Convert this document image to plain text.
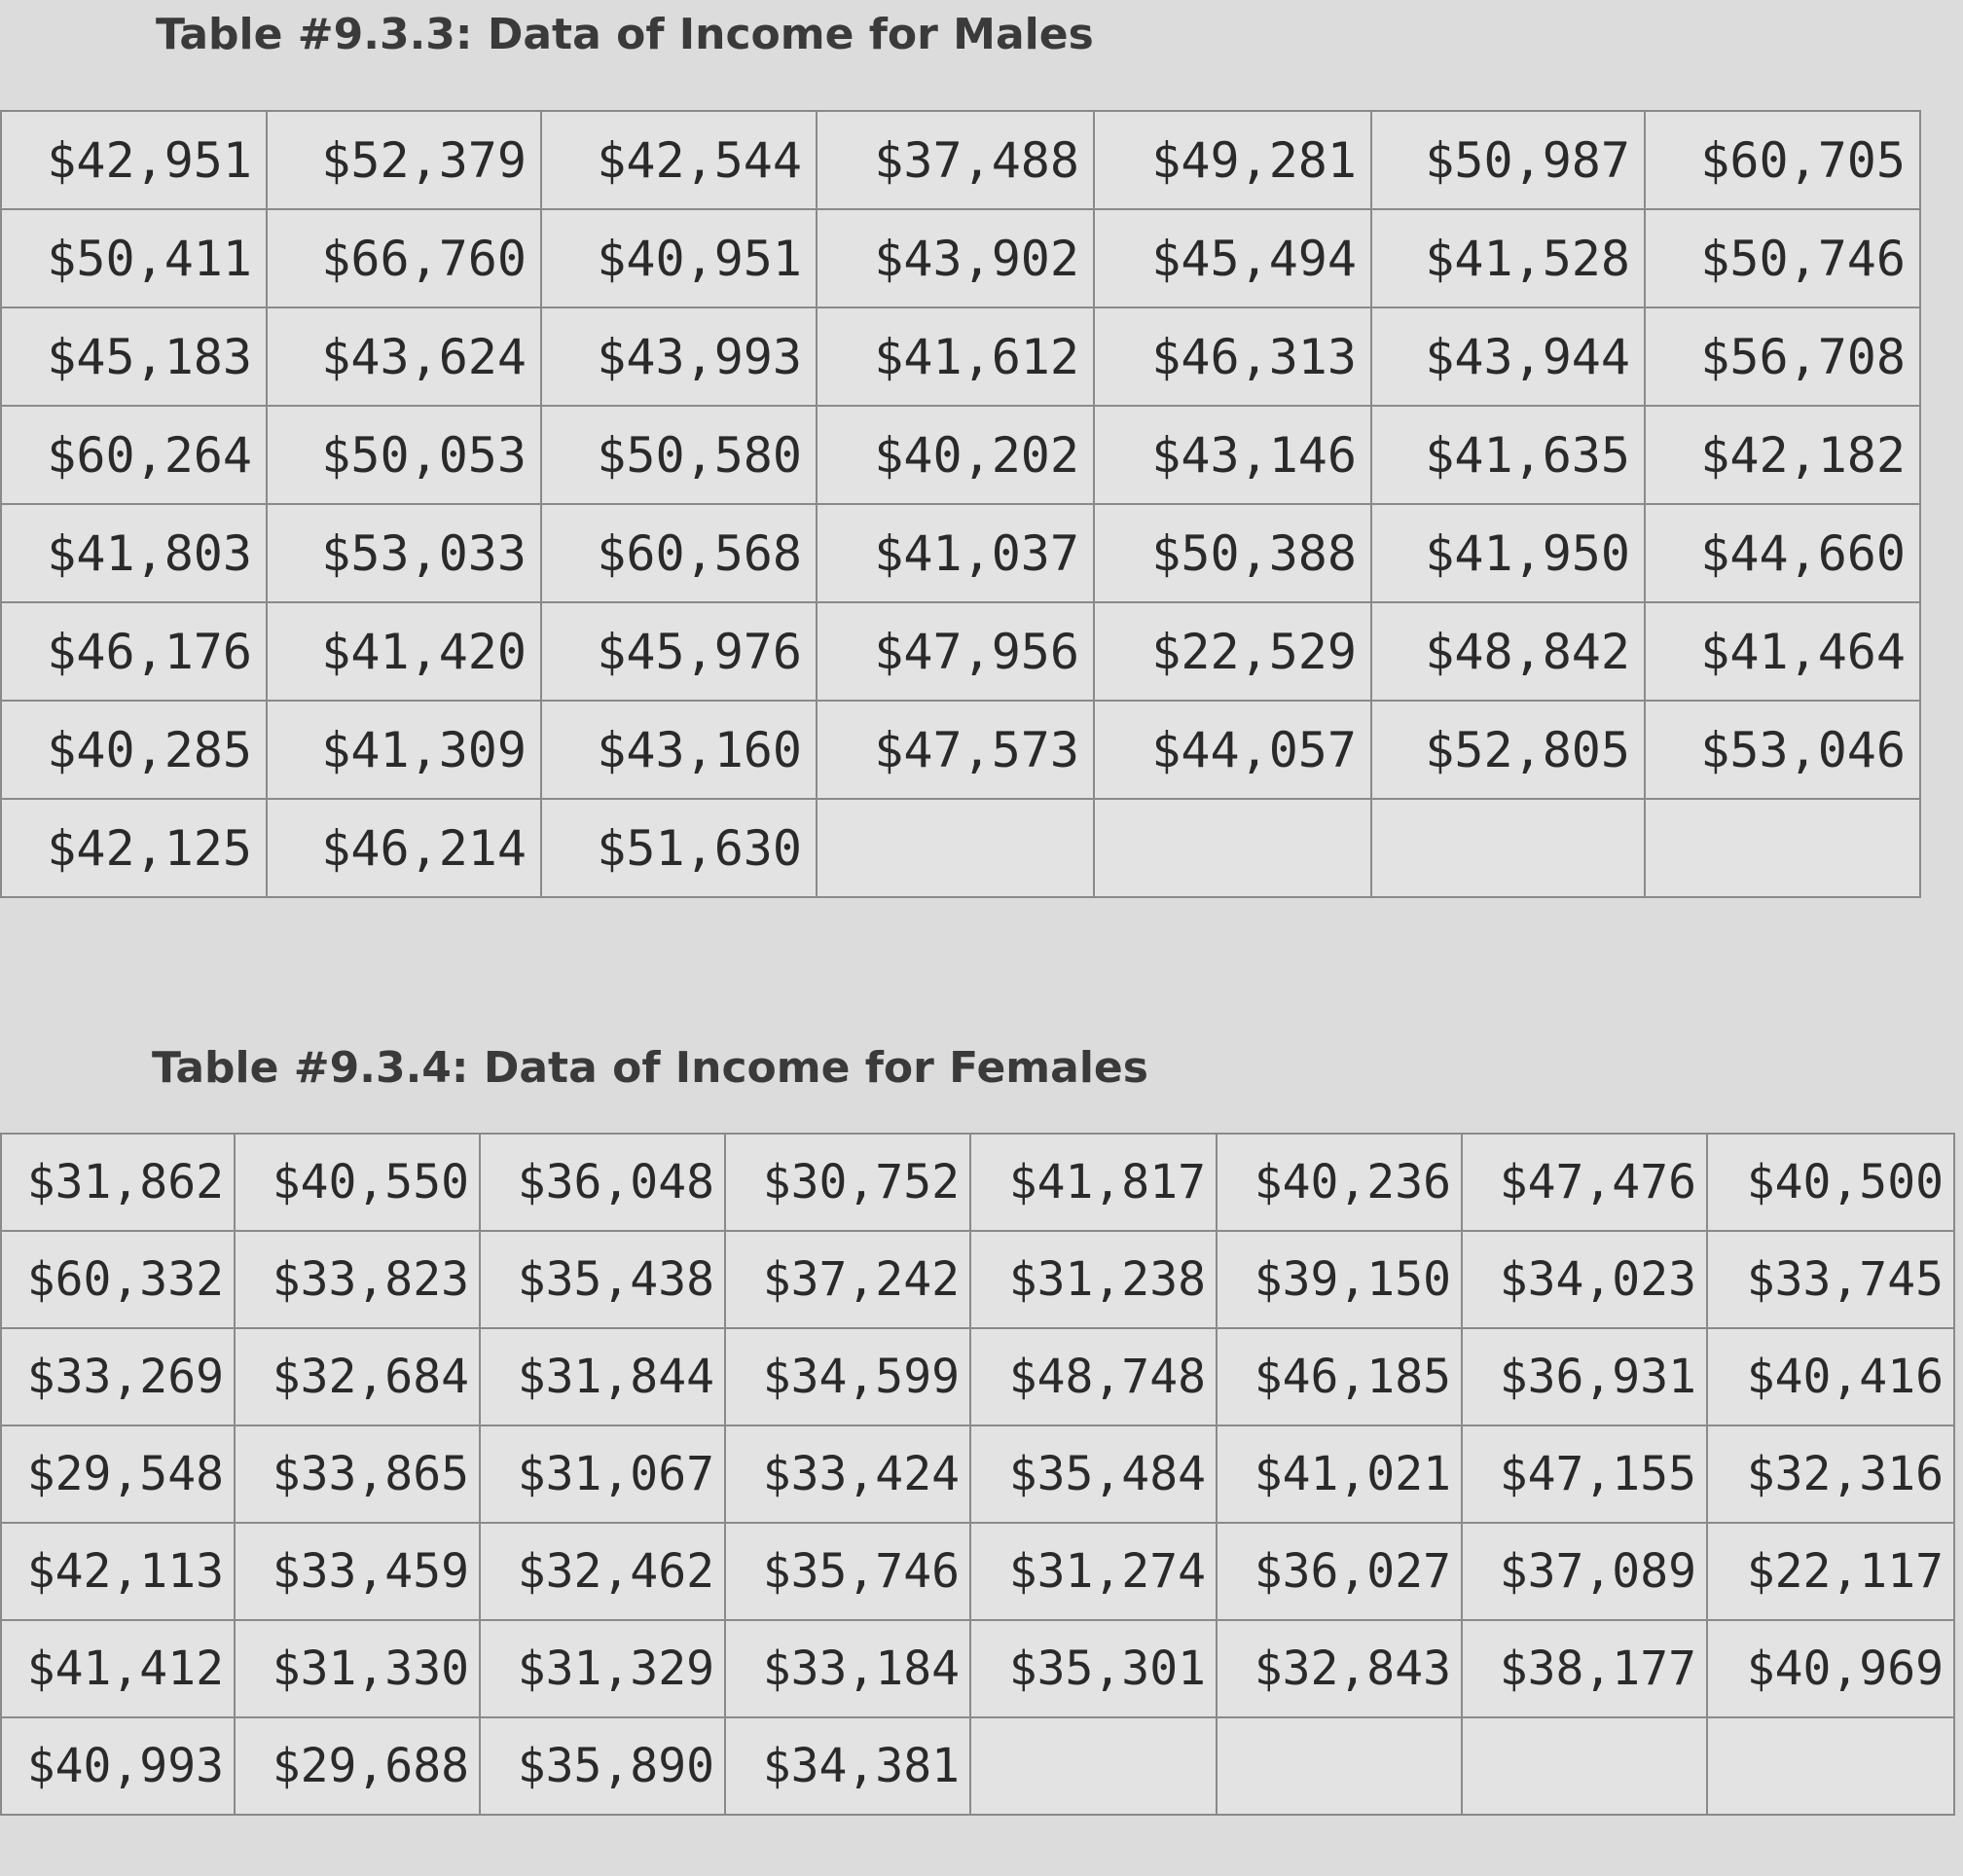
Table #9.3.3: Data of Income for Males
$42,951	$52,379	$42,544	$37,488	$49,281	$50,987	$60,705
$50,411	$66,760	$40,951	$43,902	$45,494	$41,528	$50,746
$45,183	$43,624	$43,993	$41,612	$46,313	$43,944	$56,708
$60,264	$50,053	$50,580	$40,202	$43,146	$41,635	$42,182
$41,803	$53,033	$60,568	$41,037	$50,388	$41,950	$44,660
$46,176	$41,420	$45,976	$47,956	$22,529	$48,842	$41,464
$40,285	$41,309	$43,160	$47,573	$44,057	$52,805	$53,046
$42,125	$46,214	$51,630				
Table #9.3.4: Data of Income for Females
$31,862	$40,550	$36,048	$30,752	$41,817	$40,236	$47,476	$40,500
$60,332	$33,823	$35,438	$37,242	$31,238	$39,150	$34,023	$33,745
$33,269	$32,684	$31,844	$34,599	$48,748	$46,185	$36,931	$40,416
$29,548	$33,865	$31,067	$33,424	$35,484	$41,021	$47,155	$32,316
$42,113	$33,459	$32,462	$35,746	$31,274	$36,027	$37,089	$22,117
$41,412	$31,330	$31,329	$33,184	$35,301	$32,843	$38,177	$40,969
$40,993	$29,688	$35,890	$34,381				
